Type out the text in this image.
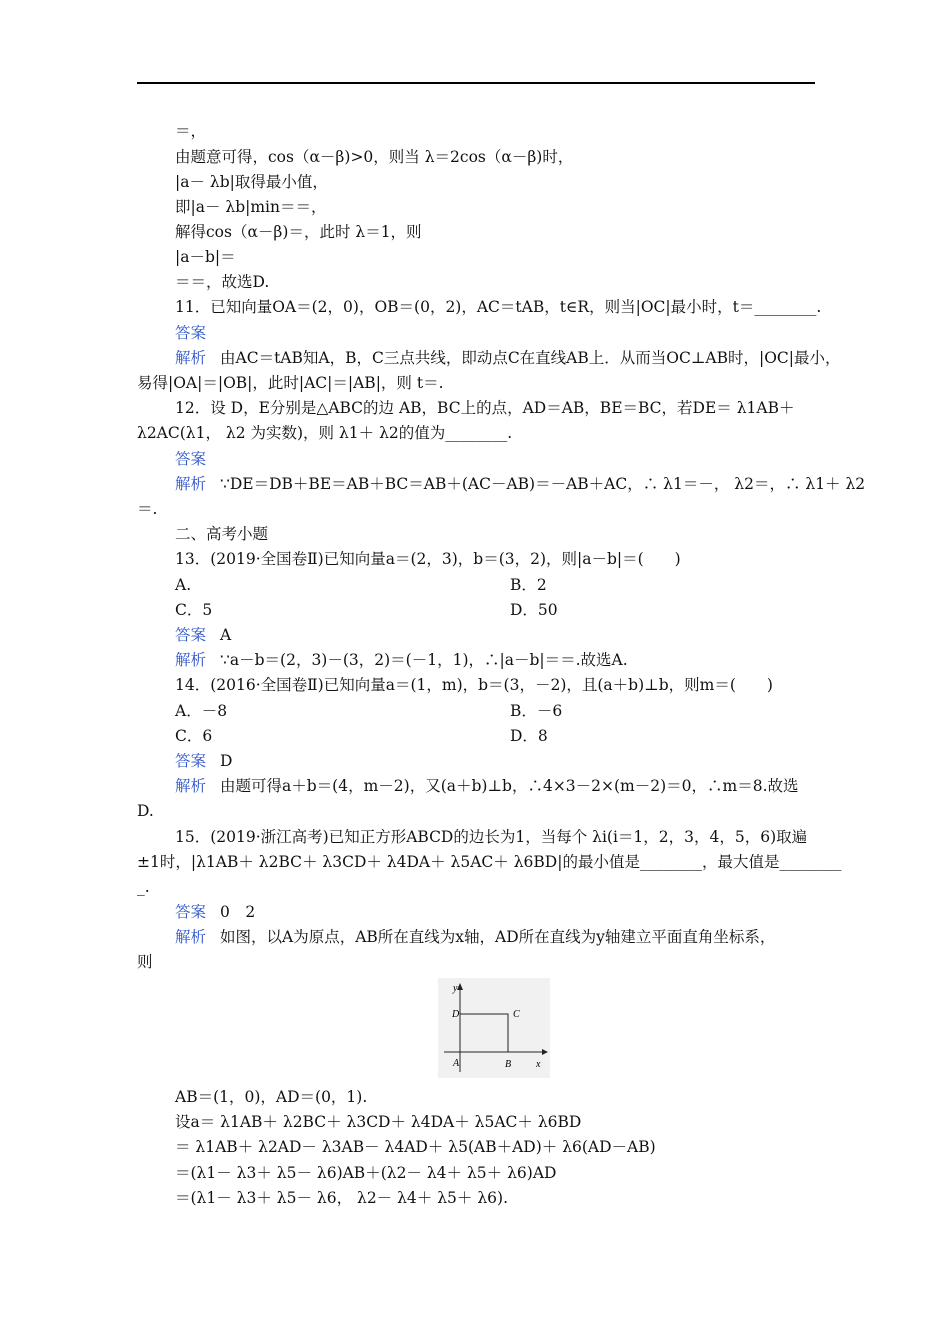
＝，
由题意可得，cos（α－β)>0，则当 λ＝2cos（α－β)时，
|a－ λb|取得最小值，
即|a－ λb|min＝＝，
解得cos（α－β)＝，此时 λ＝1，则
|a－b|＝
＝＝，故选D.
11．已知向量OA＝(2，0)，OB＝(0，2)，AC＝tAB，t∈R，则当|OC|最小时，t＝________.
答案
解析 由AC＝tAB知A，B，C三点共线，即动点C在直线AB上．从而当OC⊥AB时，|OC|最小，
易得|OA|＝|OB|，此时|AC|＝|AB|，则 t＝.
12．设 D，E分别是△ABC的边 AB，BC上的点，AD＝AB，BE＝BC，若DE＝ λ1AB＋
λ2AC(λ1， λ2 为实数)，则 λ1＋ λ2的值为________.
答案
解析 ∵DE＝DB＋BE＝AB＋BC＝AB＋(AC－AB)＝－AB＋AC，∴ λ1＝－， λ2＝，∴ λ1＋ λ2
＝.
二、高考小题
13．(2019·全国卷Ⅱ)已知向量a＝(2，3)，b＝(3，2)，则|a－b|＝(　　)
A.	B．2
C．5	D．50
答案 A
解析 ∵a－b＝(2，3)－(3，2)＝(－1，1)，∴|a－b|＝＝.故选A.
14．(2016·全国卷Ⅱ)已知向量a＝(1，m)，b＝(3，－2)，且(a＋b)⊥b，则m＝(　　)
A．－8	B．－6
C．6	D．8
答案 D
解析 由题可得a＋b＝(4，m－2)，又(a＋b)⊥b，∴4×3－2×(m－2)＝0，∴m＝8.故选
D.
15．(2019·浙江高考)已知正方形ABCD的边长为1，当每个 λi(i＝1，2，3，4，5，6)取遍
±1时，|λ1AB＋ λ2BC＋ λ3CD＋ λ4DA＋ λ5AC＋ λ6BD|的最小值是________，最大值是________
_.
答案 0　2
解析 如图，以A为原点，AB所在直线为x轴，AD所在直线为y轴建立平面直角坐标系，
则
y
x
D	C
A	B
AB＝(1，0)，AD＝(0，1).
设a＝ λ1AB＋ λ2BC＋ λ3CD＋ λ4DA＋ λ5AC＋ λ6BD
＝ λ1AB＋ λ2AD－ λ3AB－ λ4AD＋ λ5(AB＋AD)＋ λ6(AD－AB)
＝(λ1－ λ3＋ λ5－ λ6)AB＋(λ2－ λ4＋ λ5＋ λ6)AD
＝(λ1－ λ3＋ λ5－ λ6， λ2－ λ4＋ λ5＋ λ6).
